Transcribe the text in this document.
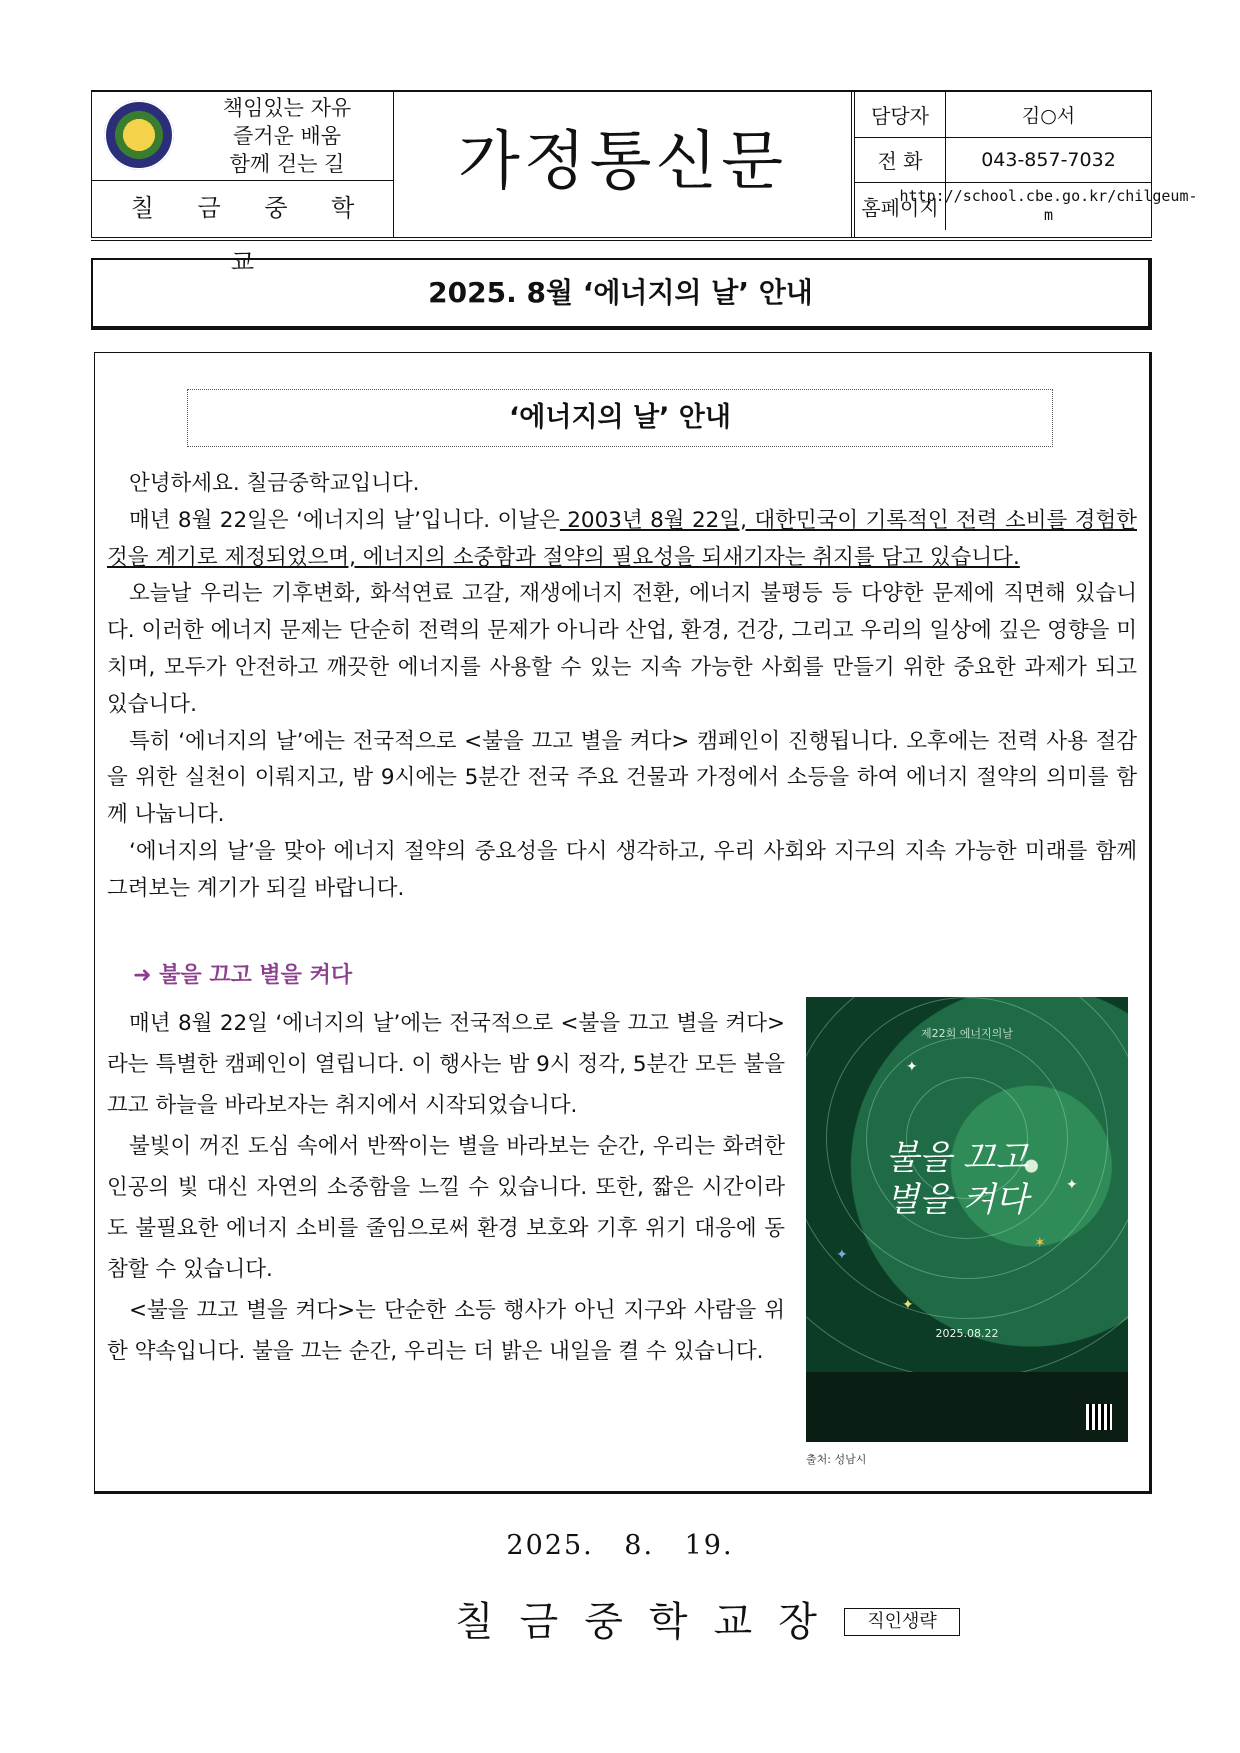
책임있는 자유
즐거운 배움
함께 걷는 길
칠 금 중 학 교
가정통신문
담당자	김○서
전 화	043-857-7032
홈페이지
http://school.cbe.go.kr/chilgeum-m
2025. 8월 ‘에너지의 날’ 안내
‘에너지의 날’ 안내

안녕하세요. 칠금중학교입니다.

매년 8월 22일은 ‘에너지의 날’입니다. 이날은 2003년 8월 22일, 대한민국이 기록적인 전력 소비를 경험한 것을 계기로 제정되었으며, 에너지의 소중함과 절약의 필요성을 되새기자는 취지를 담고 있습니다.

오늘날 우리는 기후변화, 화석연료 고갈, 재생에너지 전환, 에너지 불평등 등 다양한 문제에 직면해 있습니다. 이러한 에너지 문제는 단순히 전력의 문제가 아니라 산업, 환경, 건강, 그리고 우리의 일상에 깊은 영향을 미치며, 모두가 안전하고 깨끗한 에너지를 사용할 수 있는 지속 가능한 사회를 만들기 위한 중요한 과제가 되고 있습니다.

특히 ‘에너지의 날’에는 전국적으로 <불을 끄고 별을 켜다> 캠페인이 진행됩니다. 오후에는 전력 사용 절감을 위한 실천이 이뤄지고, 밤 9시에는 5분간 전국 주요 건물과 가정에서 소등을 하여 에너지 절약의 의미를 함께 나눕니다.

‘에너지의 날’을 맞아 에너지 절약의 중요성을 다시 생각하고, 우리 사회와 지구의 지속 가능한 미래를 함께 그려보는 계기가 되길 바랍니다.

➜ 불을 끄고 별을 켜다

매년 8월 22일 ‘에너지의 날’에는 전국적으로 <불을 끄고 별을 켜다>라는 특별한 캠페인이 열립니다. 이 행사는 밤 9시 정각, 5분간 모든 불을 끄고 하늘을 바라보자는 취지에서 시작되었습니다.

불빛이 꺼진 도심 속에서 반짝이는 별을 바라보는 순간, 우리는 화려한 인공의 빛 대신 자연의 소중함을 느낄 수 있습니다. 또한, 짧은 시간이라도 불필요한 에너지 소비를 줄임으로써 환경 보호와 기후 위기 대응에 동참할 수 있습니다.

<불을 끄고 별을 켜다>는 단순한 소등 행사가 아닌 지구와 사람을 위한 약속입니다. 불을 끄는 순간, 우리는 더 밝은 내일을 켤 수 있습니다.

✦
✦
✶
✦
✦
제22회 에너지의날
불을 끄고
별을 켜다
2025.08.22
출처: 성남시
2025. 8. 19.
칠금중학교장	직인생략
